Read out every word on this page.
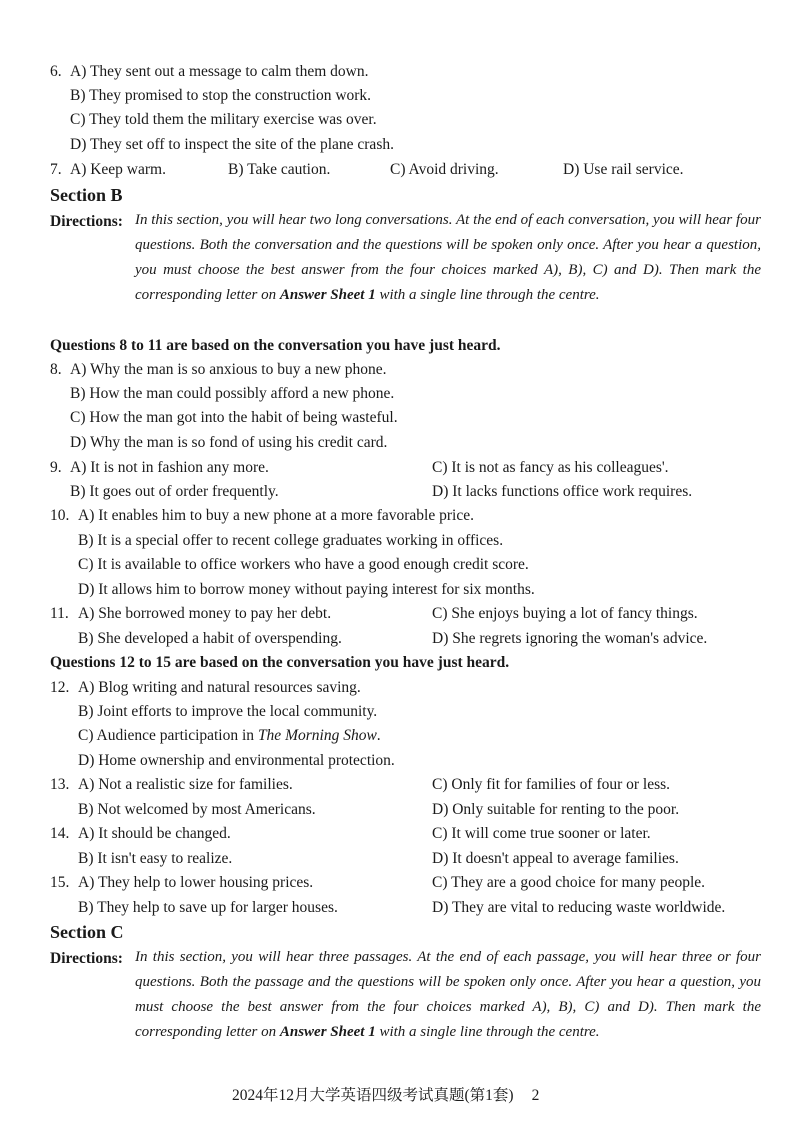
6. A) They sent out a message to calm them down.
B) They promised to stop the construction work.
C) They told them the military exercise was over.
D) They set off to inspect the site of the plane crash.
7. A) Keep warm.	B) Take caution.	C) Avoid driving.	D) Use rail service.
Section B
Directions: In this section, you will hear two long conversations. At the end of each conversation, you will hear four questions. Both the conversation and the questions will be spoken only once. After you hear a question, you must choose the best answer from the four choices marked A), B), C) and D). Then mark the corresponding letter on Answer Sheet 1 with a single line through the centre.
Questions 8 to 11 are based on the conversation you have just heard.
8. A) Why the man is so anxious to buy a new phone.
B) How the man could possibly afford a new phone.
C) How the man got into the habit of being wasteful.
D) Why the man is so fond of using his credit card.
9. A) It is not in fashion any more.
B) It goes out of order frequently.
C) It is not as fancy as his colleagues'.
D) It lacks functions office work requires.
10. A) It enables him to buy a new phone at a more favorable price.
B) It is a special offer to recent college graduates working in offices.
C) It is available to office workers who have a good enough credit score.
D) It allows him to borrow money without paying interest for six months.
11. A) She borrowed money to pay her debt.
B) She developed a habit of overspending.
C) She enjoys buying a lot of fancy things.
D) She regrets ignoring the woman's advice.
Questions 12 to 15 are based on the conversation you have just heard.
12. A) Blog writing and natural resources saving.
B) Joint efforts to improve the local community.
C) Audience participation in The Morning Show.
D) Home ownership and environmental protection.
13. A) Not a realistic size for families.
B) Not welcomed by most Americans.
C) Only fit for families of four or less.
D) Only suitable for renting to the poor.
14. A) It should be changed.
B) It isn't easy to realize.
C) It will come true sooner or later.
D) It doesn't appeal to average families.
15. A) They help to lower housing prices.
B) They help to save up for larger houses.
C) They are a good choice for many people.
D) They are vital to reducing waste worldwide.
Section C
Directions: In this section, you will hear three passages. At the end of each passage, you will hear three or four questions. Both the passage and the questions will be spoken only once. After you hear a question, you must choose the best answer from the four choices marked A), B), C) and D). Then mark the corresponding letter on Answer Sheet 1 with a single line through the centre.
2024年12月大学英语四级考试真题(第1套) 2
